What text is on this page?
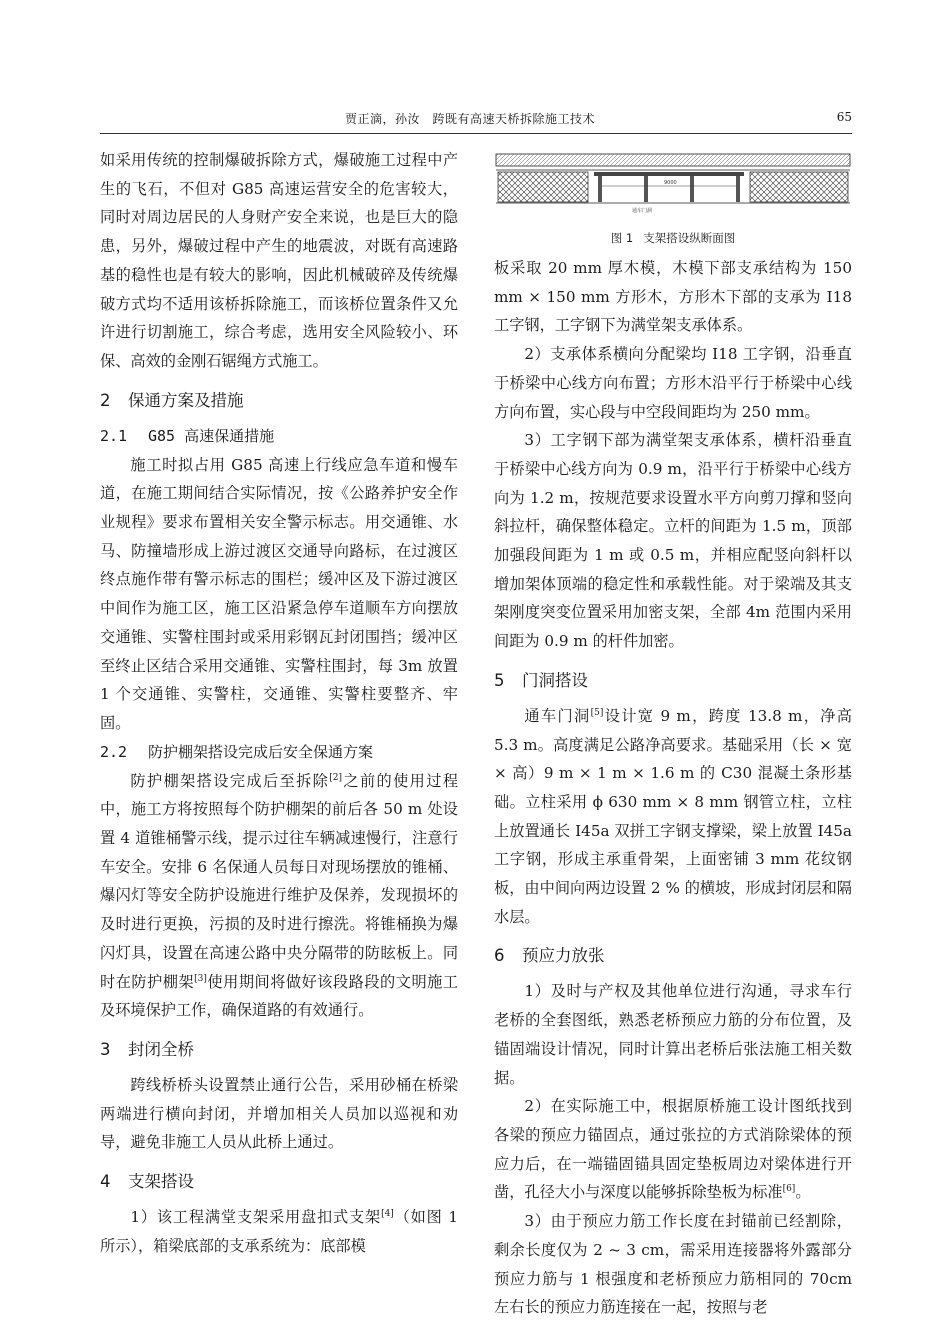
贾正滴，孙汝　跨既有高速天桥拆除施工技术	65

如采用传统的控制爆破拆除方式，爆破施工过程中产生的飞石，不但对 G85 高速运营安全的危害较大，同时对周边居民的人身财产安全来说，也是巨大的隐患，另外，爆破过程中产生的地震波，对既有高速路基的稳性也是有较大的影响，因此机械破碎及传统爆破方式均不适用该桥拆除施工，而该桥位置条件又允许进行切割施工，综合考虑，选用安全风险较小、环保、高效的金刚石锯绳方式施工。

2 保通方案及措施
2.1 G85 高速保通措施

施工时拟占用 G85 高速上行线应急车道和慢车道，在施工期间结合实际情况，按《公路养护安全作业规程》要求布置相关安全警示标志。用交通锥、水马、防撞墙形成上游过渡区交通导向路标，在过渡区终点施作带有警示标志的围栏；缓冲区及下游过渡区中间作为施工区，施工区沿紧急停车道顺车方向摆放交通锥、实警柱围封或采用彩钢瓦封闭围挡；缓冲区至终止区结合采用交通锥、实警柱围封，每 3m 放置 1 个交通锥、实警柱，交通锥、实警柱要整齐、牢固。

2.2 防护棚架搭设完成后安全保通方案

防护棚架搭设完成后至拆除[2]之前的使用过程中，施工方将按照每个防护棚架的前后各 50 m 处设置 4 道锥桶警示线，提示过往车辆减速慢行，注意行车安全。安排 6 名保通人员每日对现场摆放的锥桶、爆闪灯等安全防护设施进行维护及保养，发现损坏的及时进行更换，污损的及时进行擦洗。将锥桶换为爆闪灯具，设置在高速公路中央分隔带的防眩板上。同时在防护棚架[3]使用期间将做好该段路段的文明施工及环境保护工作，确保道路的有效通行。

3 封闭全桥

跨线桥桥头设置禁止通行公告，采用砂桶在桥梁两端进行横向封闭，并增加相关人员加以巡视和劝导，避免非施工人员从此桥上通过。

4 支架搭设

1）该工程满堂支架采用盘扣式支架[4]（如图 1 所示），箱梁底部的支承系统为：底部模

9000
通车门洞
图 1 支架搭设纵断面图

板采取 20 mm 厚木模，木模下部支承结构为 150 mm × 150 mm 方形木，方形木下部的支承为 I18 工字钢，工字钢下为满堂架支承体系。

2）支承体系横向分配梁均 I18 工字钢，沿垂直于桥梁中心线方向布置；方形木沿平行于桥梁中心线方向布置，实心段与中空段间距均为 250 mm。

3）工字钢下部为满堂架支承体系，横杆沿垂直于桥梁中心线方向为 0.9 m，沿平行于桥梁中心线方向为 1.2 m，按规范要求设置水平方向剪刀撑和竖向斜拉杆，确保整体稳定。立杆的间距为 1.5 m，顶部加强段间距为 1 m 或 0.5 m，并相应配竖向斜杆以增加架体顶端的稳定性和承载性能。对于梁端及其支架刚度突变位置采用加密支架，全部 4m 范围内采用间距为 0.9 m 的杆件加密。

5 门洞搭设

通车门洞[5]设计宽 9 m，跨度 13.8 m，净高 5.3 m。高度满足公路净高要求。基础采用（长 × 宽 × 高）9 m × 1 m × 1.6 m 的 C30 混凝土条形基础。立柱采用 ϕ 630 mm × 8 mm 钢管立柱，立柱上放置通长 I45a 双拼工字钢支撑梁，梁上放置 I45a 工字钢，形成主承重骨架，上面密铺 3 mm 花纹钢板，由中间向两边设置 2 % 的横坡，形成封闭层和隔水层。

6 预应力放张

1）及时与产权及其他单位进行沟通，寻求车行老桥的全套图纸，熟悉老桥预应力筋的分布位置，及锚固端设计情况，同时计算出老桥后张法施工相关数据。

2）在实际施工中，根据原桥施工设计图纸找到各梁的预应力锚固点，通过张拉的方式消除梁体的预应力后，在一端锚固锚具固定垫板周边对梁体进行开凿，孔径大小与深度以能够拆除垫板为标准[6]。

3）由于预应力筋工作长度在封锚前已经割除，剩余长度仅为 2 ~ 3 cm，需采用连接器将外露部分预应力筋与 1 根强度和老桥预应力筋相同的 70cm 左右长的预应力筋连接在一起，按照与老
